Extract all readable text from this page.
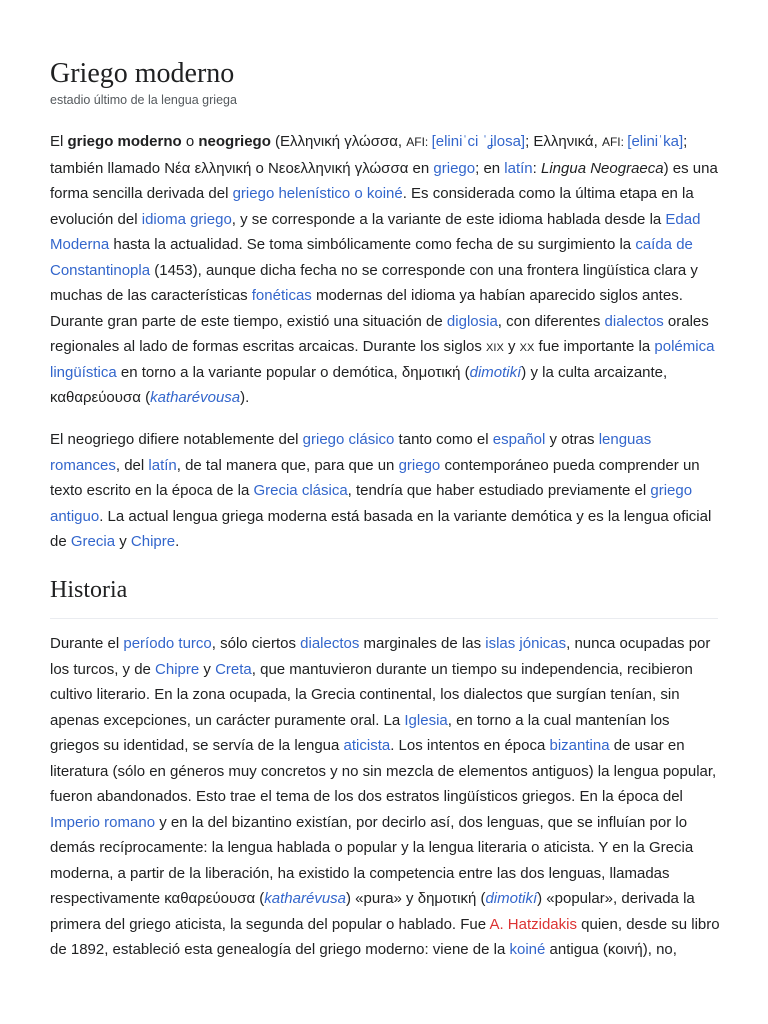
Griego moderno
estadio último de la lengua griega

El griego moderno o neogriego (Ελληνική γλώσσα, AFI: [eliniˈci ˈʝlosa]; Ελληνικά, AFI: [eliniˈka]; también llamado Νέα ελληνική o Νεοελληνική γλώσσα en griego; en latín: Lingua Neograeca) es una forma sencilla derivada del griego helenístico o koiné. Es considerada como la última etapa en la evolución del idioma griego, y se corresponde a la variante de este idioma hablada desde la Edad Moderna hasta la actualidad. Se toma simbólicamente como fecha de su surgimiento la caída de Constantinopla (1453), aunque dicha fecha no se corresponde con una frontera lingüística clara y muchas de las características fonéticas modernas del idioma ya habían aparecido siglos antes. Durante gran parte de este tiempo, existió una situación de diglosia, con diferentes dialectos orales regionales al lado de formas escritas arcaicas. Durante los siglos xix y xx fue importante la polémica lingüística en torno a la variante popular o demótica, δημοτική (dimotikí) y la culta arcaizante, καθαρεύουσα (katharévousa).

El neogriego difiere notablemente del griego clásico tanto como el español y otras lenguas romances, del latín, de tal manera que, para que un griego contemporáneo pueda comprender un texto escrito en la época de la Grecia clásica, tendría que haber estudiado previamente el griego antiguo. La actual lengua griega moderna está basada en la variante demótica y es la lengua oficial de Grecia y Chipre.

Historia

Durante el período turco, sólo ciertos dialectos marginales de las islas jónicas, nunca ocupadas por los turcos, y de Chipre y Creta, que mantuvieron durante un tiempo su independencia, recibieron cultivo literario. En la zona ocupada, la Grecia continental, los dialectos que surgían tenían, sin apenas excepciones, un carácter puramente oral. La Iglesia, en torno a la cual mantenían los griegos su identidad, se servía de la lengua aticista. Los intentos en época bizantina de usar en literatura (sólo en géneros muy concretos y no sin mezcla de elementos antiguos) la lengua popular, fueron abandonados. Esto trae el tema de los dos estratos lingüísticos griegos. En la época del Imperio romano y en la del bizantino existían, por decirlo así, dos lenguas, que se influían por lo demás recíprocamente: la lengua hablada o popular y la lengua literaria o aticista. Y en la Grecia moderna, a partir de la liberación, ha existido la competencia entre las dos lenguas, llamadas respectivamente καθαρεύουσα (katharévusa) «pura» y δημοτική (dimotikí) «popular», derivada la primera del griego aticista, la segunda del popular o hablado. Fue A. Hatzidakis quien, desde su libro de 1892, estableció esta genealogía del griego moderno: viene de la koiné antigua (κοινή), no,
